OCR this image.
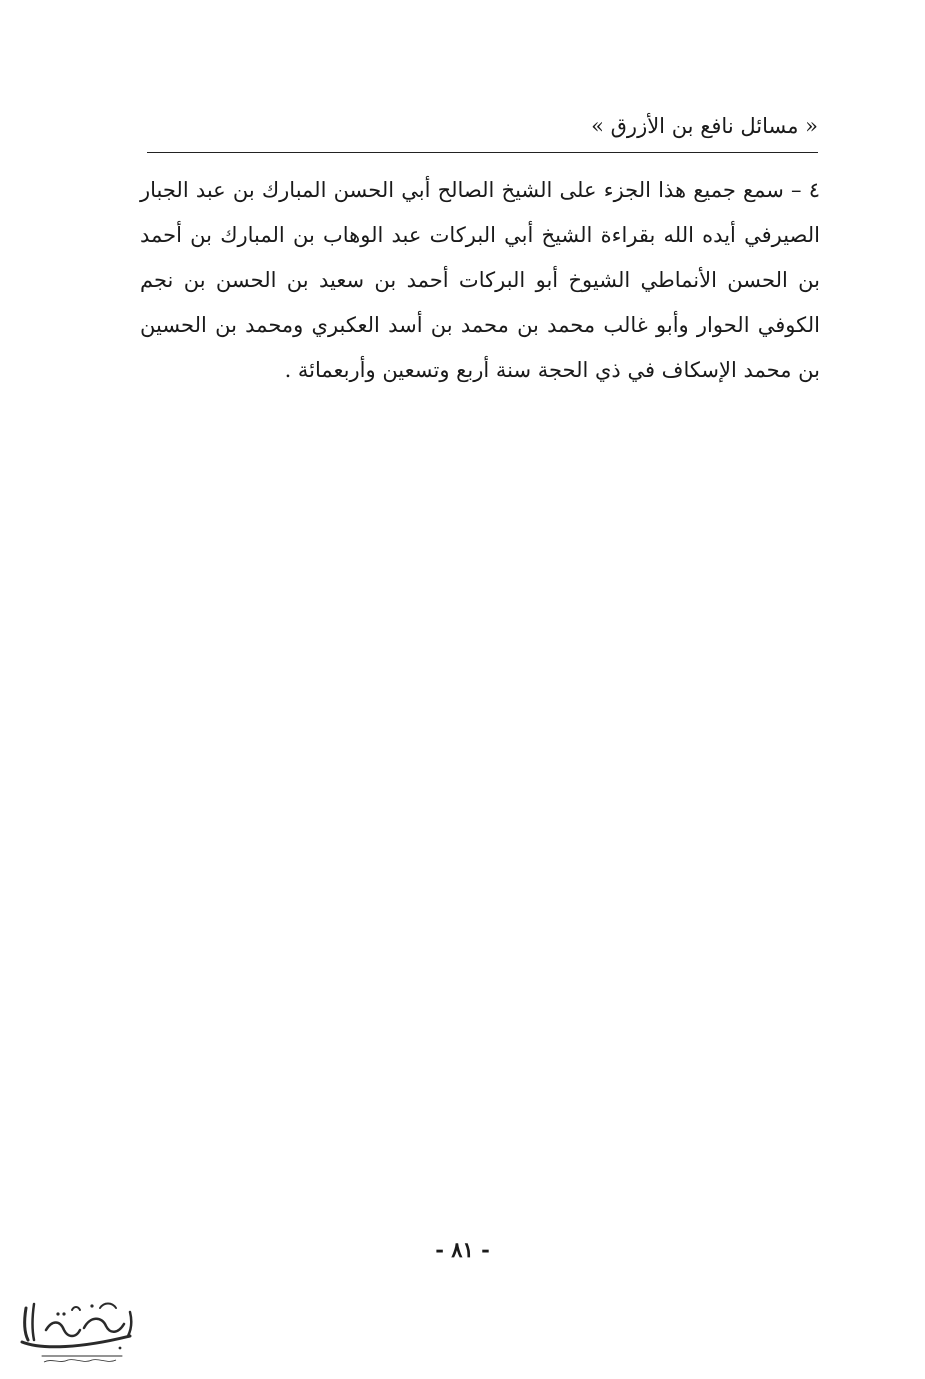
« مسائل نافع بن الأزرق »

٤ – سمع جميع هذا الجزء على الشيخ الصالح أبي الحسن المبارك بن عبد الجبار الصيرفي أيده الله بقراءة الشيخ أبي البركات عبد الوهاب بن المبارك بن أحمد بن الحسن الأنماطي الشيوخ أبو البركات أحمد بن سعيد بن الحسن بن نجم الكوفي الحوار وأبو غالب محمد بن محمد بن أسد العكبري ومحمد بن الحسين بن محمد الإسكاف في ذي الحجة سنة أربع وتسعين وأربعمائة .

- ٨١ -
